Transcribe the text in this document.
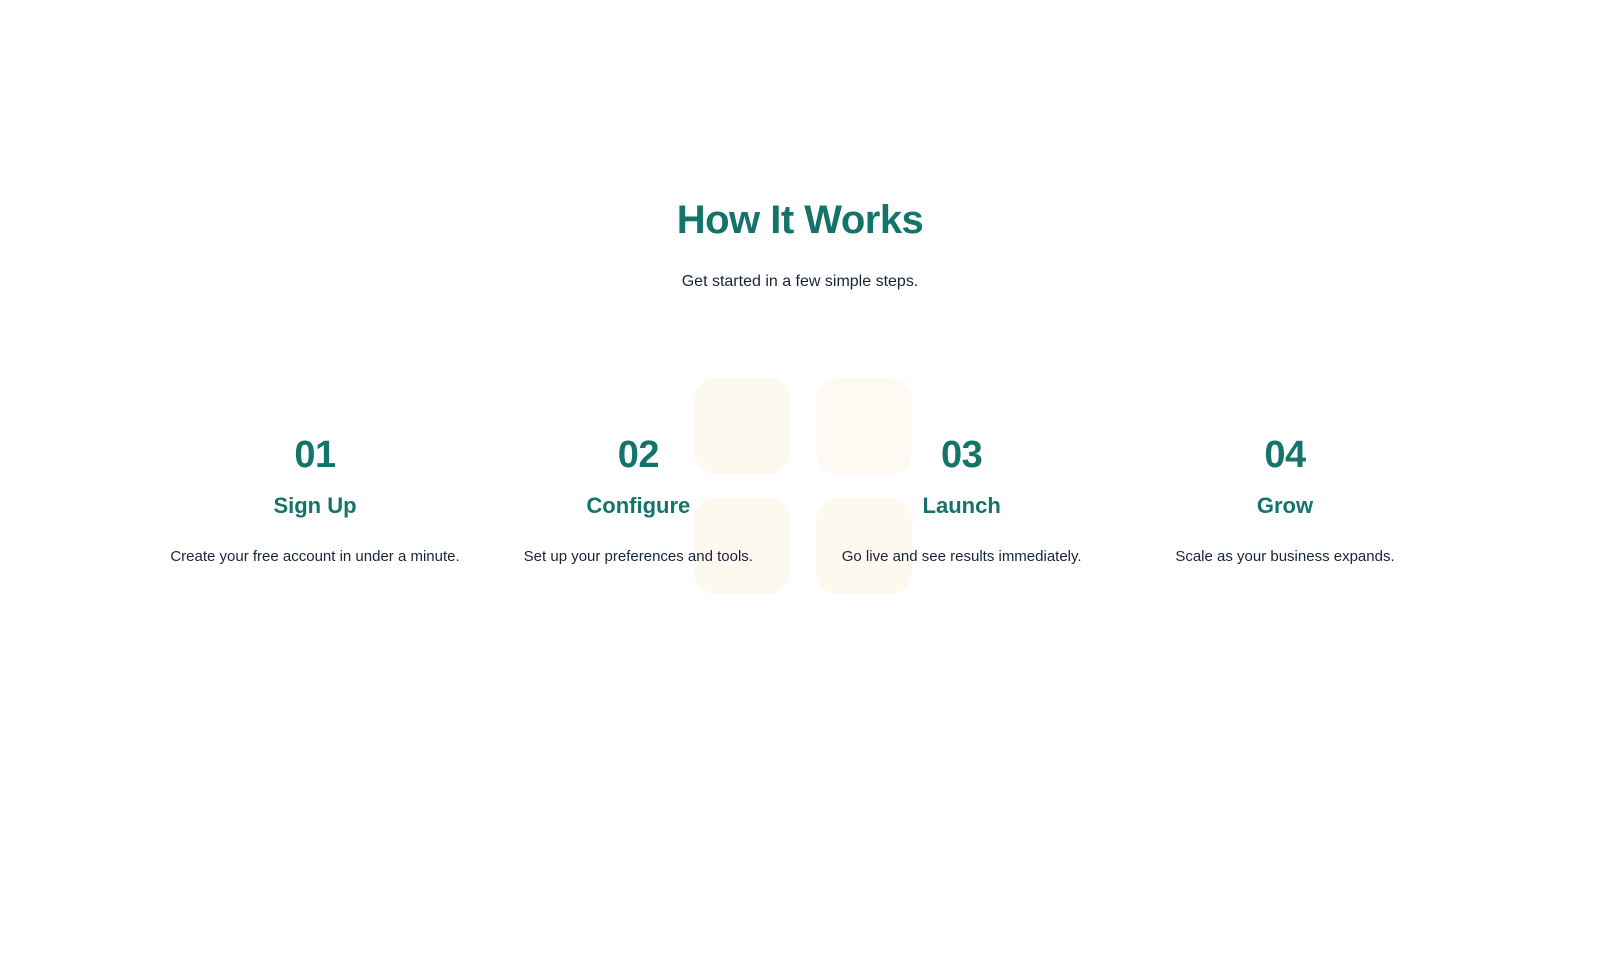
How It Works

Get started in a few simple steps.

01
Sign Up
Create your free account in under a minute.
02
Configure
Set up your preferences and tools.
03
Launch
Go live and see results immediately.
04
Grow
Scale as your business expands.
